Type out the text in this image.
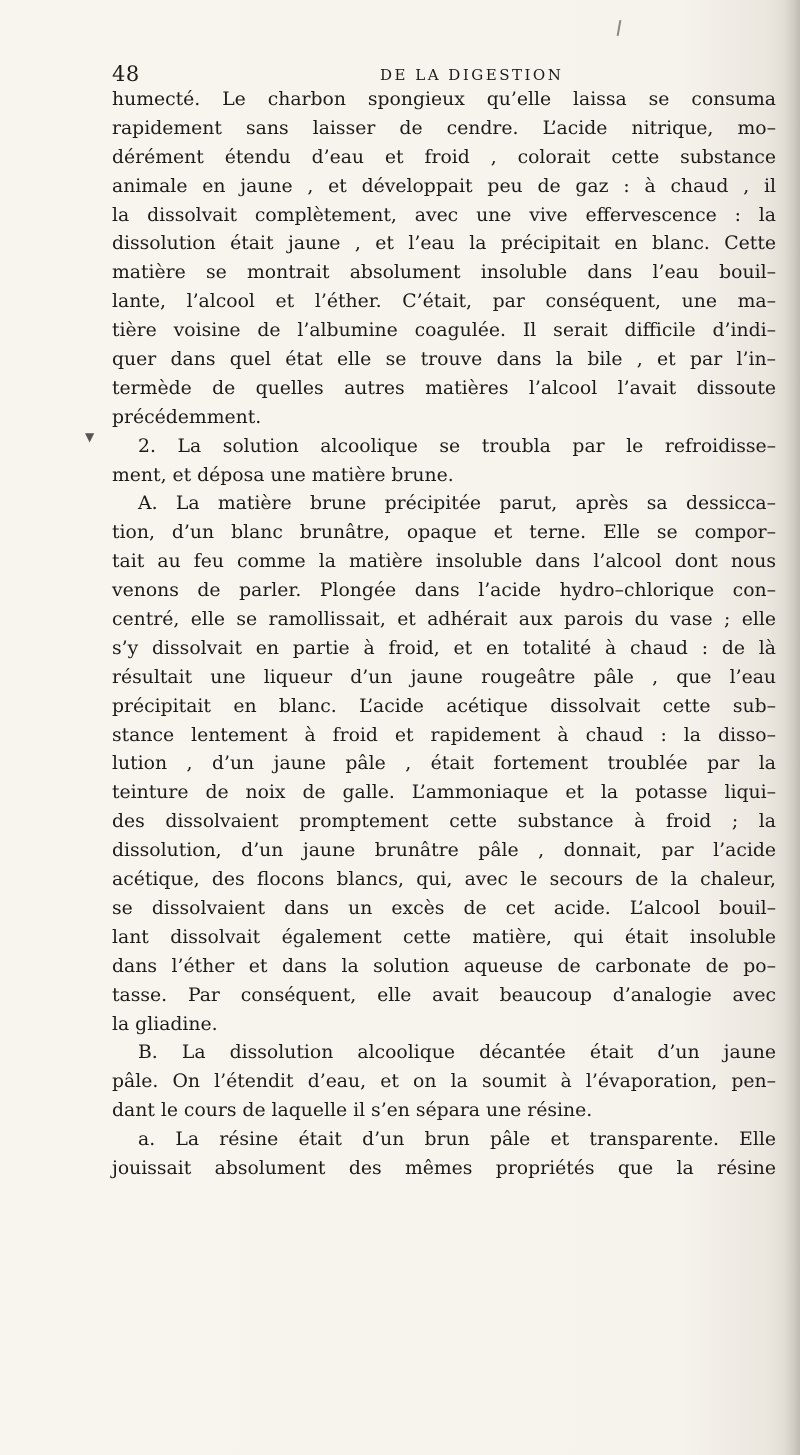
48	DE LA DIGESTION
▼
humecté. Le charbon spongieux qu’elle laissa se consuma
rapidement sans laisser de cendre. L’acide nitrique, mo–
dérément étendu d’eau et froid , colorait cette substance
animale en jaune , et développait peu de gaz : à chaud , il
la dissolvait complètement, avec une vive effervescence : la
dissolution était jaune , et l’eau la précipitait en blanc. Cette
matière se montrait absolument insoluble dans l’eau bouil–
lante, l’alcool et l’éther. C’était, par conséquent, une ma–
tière voisine de l’albumine coagulée. Il serait difficile d’indi–
quer dans quel état elle se trouve dans la bile , et par l’in–
termède de quelles autres matières l’alcool l’avait dissoute
précédemment.
2. La solution alcoolique se troubla par le refroidisse–
ment, et déposa une matière brune.
A. La matière brune précipitée parut, après sa dessicca–
tion, d’un blanc brunâtre, opaque et terne. Elle se compor–
tait au feu comme la matière insoluble dans l’alcool dont nous
venons de parler. Plongée dans l’acide hydro–chlorique con–
centré, elle se ramollissait, et adhérait aux parois du vase ; elle
s’y dissolvait en partie à froid, et en totalité à chaud : de là
résultait une liqueur d’un jaune rougeâtre pâle , que l’eau
précipitait en blanc. L’acide acétique dissolvait cette sub–
stance lentement à froid et rapidement à chaud : la disso–
lution , d’un jaune pâle , était fortement troublée par la
teinture de noix de galle. L’ammoniaque et la potasse liqui–
des dissolvaient promptement cette substance à froid ; la
dissolution, d’un jaune brunâtre pâle , donnait, par l’acide
acétique, des flocons blancs, qui, avec le secours de la chaleur,
se dissolvaient dans un excès de cet acide. L’alcool bouil–
lant dissolvait également cette matière, qui était insoluble
dans l’éther et dans la solution aqueuse de carbonate de po–
tasse. Par conséquent, elle avait beaucoup d’analogie avec
la gliadine.
B. La dissolution alcoolique décantée était d’un jaune
pâle. On l’étendit d’eau, et on la soumit à l’évaporation, pen–
dant le cours de laquelle il s’en sépara une résine.
a. La résine était d’un brun pâle et transparente. Elle
jouissait absolument des mêmes propriétés que la résine
